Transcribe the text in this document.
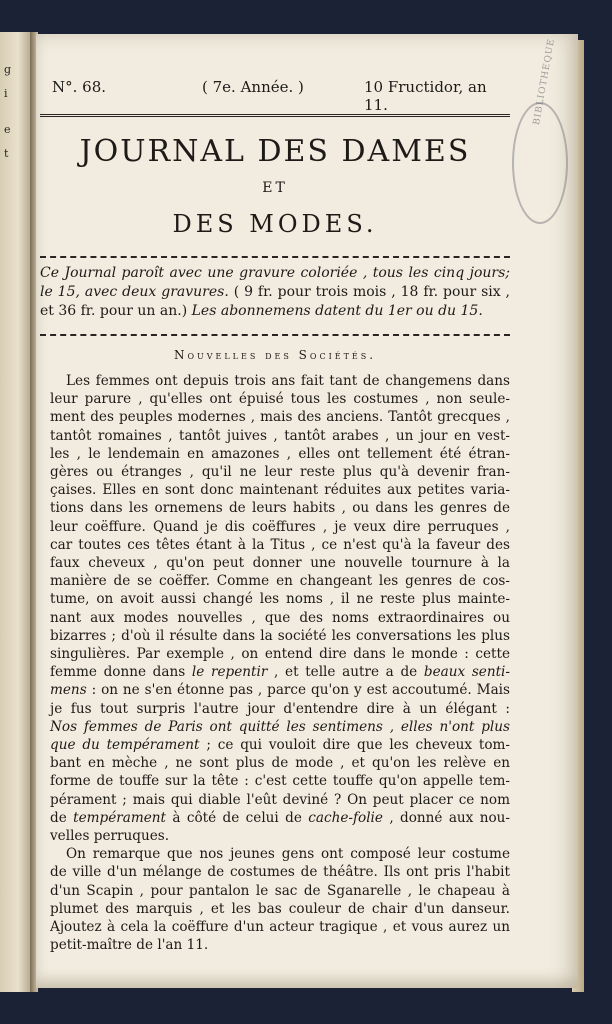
g
i
e
t
BIBLIOTHEQUE
N°. 68.	( 7e. Année. )	10 Fructidor, an 11.
JOURNAL DES DAMES
ET
DES MODES.
Ce Journal paroît avec une gravure coloriée , tous les cinq jours; le 15, avec deux gravures. ( 9 fr. pour trois mois , 18 fr. pour six , et 36 fr. pour un an.) Les abonnemens datent du 1er ou du 15.
Nouvelles des Sociétés.
Les femmes ont depuis trois ans fait tant de changemens dans
leur parure , qu'elles ont épuisé tous les costumes , non seule-
ment des peuples modernes , mais des anciens. Tantôt grecques ,
tantôt romaines , tantôt juives , tantôt arabes , un jour en vest-
les , le lendemain en amazones , elles ont tellement été étran-
gères ou étranges , qu'il ne leur reste plus qu'à devenir fran-
çaises. Elles en sont donc maintenant réduites aux petites varia-
tions dans les ornemens de leurs habits , ou dans les genres de
leur coëffure. Quand je dis coëffures , je veux dire perruques ,
car toutes ces têtes étant à la Titus , ce n'est qu'à la faveur des
faux cheveux , qu'on peut donner une nouvelle tournure à la
manière de se coëffer. Comme en changeant les genres de cos-
tume, on avoit aussi changé les noms , il ne reste plus mainte-
nant aux modes nouvelles , que des noms extraordinaires ou
bizarres ; d'où il résulte dans la société les conversations les plus
singulières. Par exemple , on entend dire dans le monde : cette
femme donne dans le repentir , et telle autre a de beaux senti-
mens : on ne s'en étonne pas , parce qu'on y est accoutumé. Mais
je fus tout surpris l'autre jour d'entendre dire à un élégant :
Nos femmes de Paris ont quitté les sentimens , elles n'ont plus
que du tempérament ; ce qui vouloit dire que les cheveux tom-
bant en mèche , ne sont plus de mode , et qu'on les relève en
forme de touffe sur la tête : c'est cette touffe qu'on appelle tem-
pérament ; mais qui diable l'eût deviné ? On peut placer ce nom
de tempérament à côté de celui de cache-folie , donné aux nou-
velles perruques.
On remarque que nos jeunes gens ont composé leur costume
de ville d'un mélange de costumes de théâtre. Ils ont pris l'habit
d'un Scapin , pour pantalon le sac de Sganarelle , le chapeau à
plumet des marquis , et les bas couleur de chair d'un danseur.
Ajoutez à cela la coëffure d'un acteur tragique , et vous aurez un
petit-maître de l'an 11.
